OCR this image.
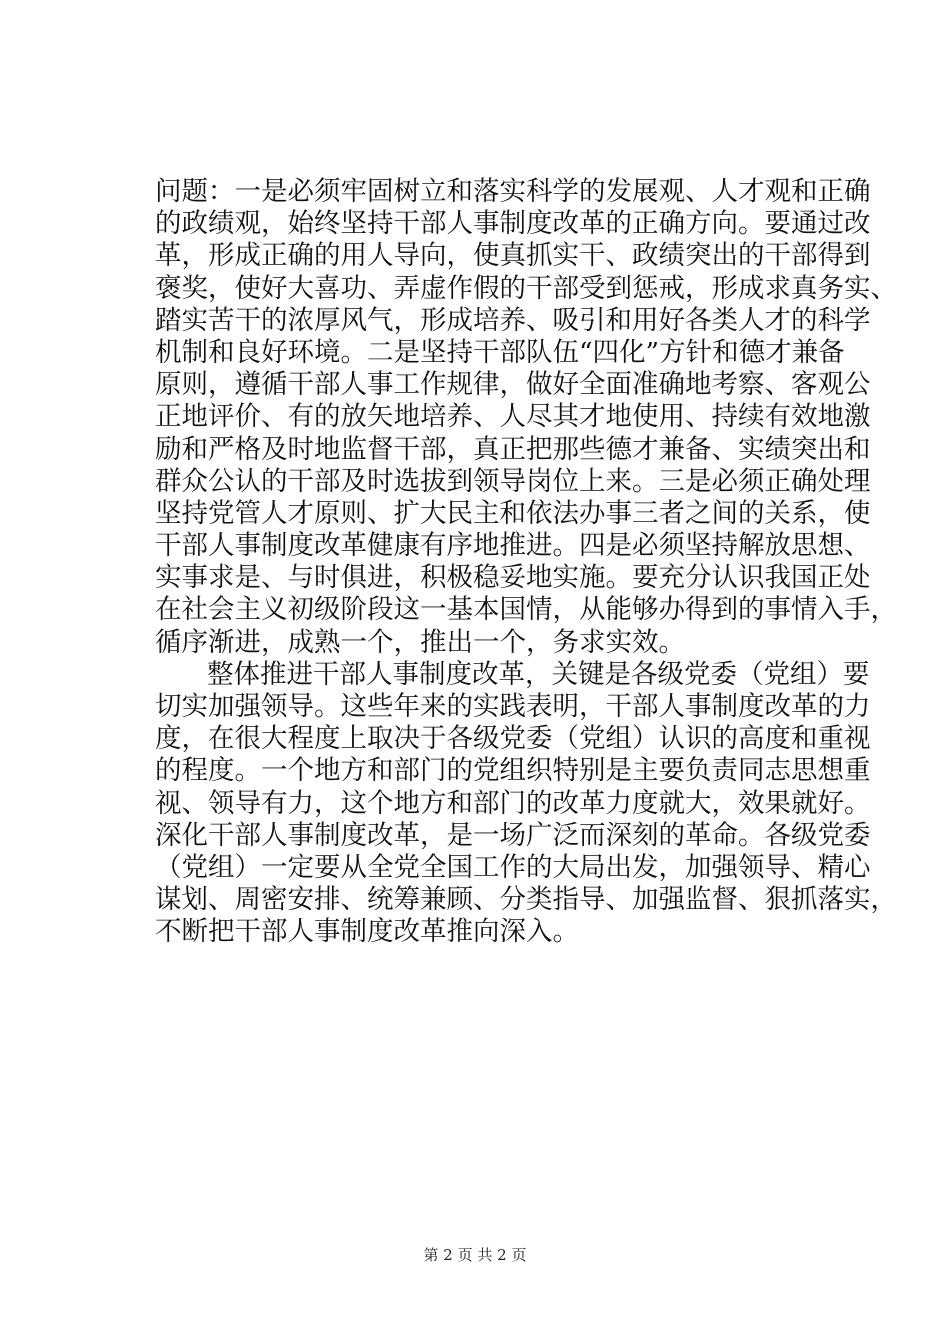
问题：一是必须牢固树立和落实科学的发展观、人才观和正确
的政绩观，始终坚持干部人事制度改革的正确方向。要通过改
革，形成正确的用人导向，使真抓实干、政绩突出的干部得到
褒奖，使好大喜功、弄虚作假的干部受到惩戒，形成求真务实、
踏实苦干的浓厚风气，形成培养、吸引和用好各类人才的科学
机制和良好环境。二是坚持干部队伍“四化”方针和德才兼备
原则，遵循干部人事工作规律，做好全面准确地考察、客观公
正地评价、有的放矢地培养、人尽其才地使用、持续有效地激
励和严格及时地监督干部，真正把那些德才兼备、实绩突出和
群众公认的干部及时选拔到领导岗位上来。三是必须正确处理
坚持党管人才原则、扩大民主和依法办事三者之间的关系，使
干部人事制度改革健康有序地推进。四是必须坚持解放思想、
实事求是、与时俱进，积极稳妥地实施。要充分认识我国正处
在社会主义初级阶段这一基本国情，从能够办得到的事情入手，
循序渐进，成熟一个，推出一个，务求实效。
整体推进干部人事制度改革，关键是各级党委（党组）要
切实加强领导。这些年来的实践表明，干部人事制度改革的力
度，在很大程度上取决于各级党委（党组）认识的高度和重视
的程度。一个地方和部门的党组织特别是主要负责同志思想重
视、领导有力，这个地方和部门的改革力度就大，效果就好。
深化干部人事制度改革，是一场广泛而深刻的革命。各级党委
（党组）一定要从全党全国工作的大局出发，加强领导、精心
谋划、周密安排、统筹兼顾、分类指导、加强监督、狠抓落实，
不断把干部人事制度改革推向深入。
第 2 页 共 2 页
